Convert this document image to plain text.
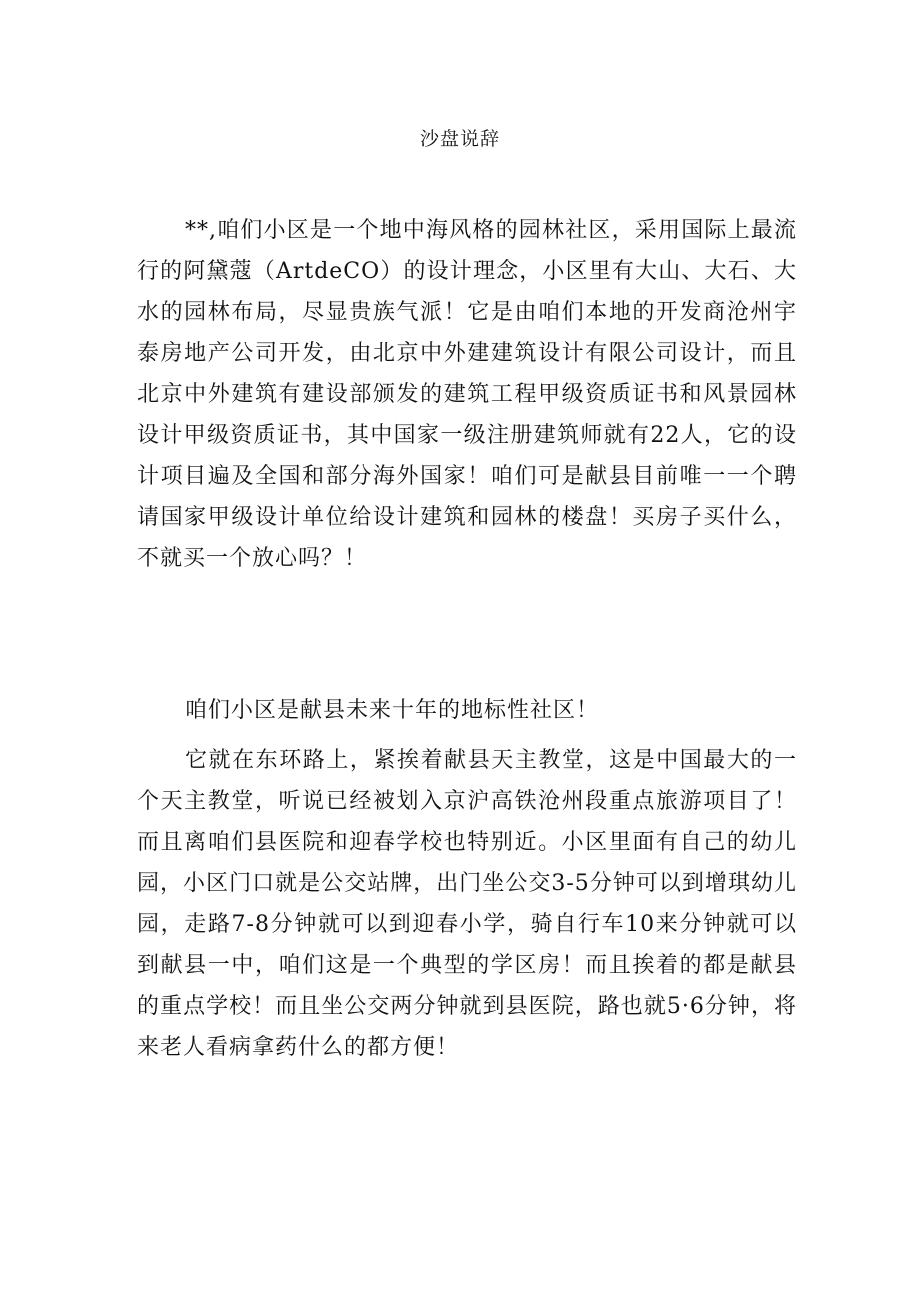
沙盘说辞

**,咱们小区是一个地中海风格的园林社区，采用国际上最流行的阿黛蔻（ArtdeCO）的设计理念，小区里有大山、大石、大水的园林布局，尽显贵族气派！它是由咱们本地的开发商沧州宇泰房地产公司开发，由北京中外建建筑设计有限公司设计，而且北京中外建筑有建设部颁发的建筑工程甲级资质证书和风景园林设计甲级资质证书，其中国家一级注册建筑师就有22人，它的设计项目遍及全国和部分海外国家！咱们可是献县目前唯一一个聘请国家甲级设计单位给设计建筑和园林的楼盘！买房子买什么，不就买一个放心吗？！

咱们小区是献县未来十年的地标性社区！

它就在东环路上，紧挨着献县天主教堂，这是中国最大的一个天主教堂，听说已经被划入京沪高铁沧州段重点旅游项目了！而且离咱们县医院和迎春学校也特别近。小区里面有自己的幼儿园，小区门口就是公交站牌，出门坐公交3-5分钟可以到增琪幼儿园，走路7-8分钟就可以到迎春小学，骑自行车10来分钟就可以到献县一中，咱们这是一个典型的学区房！而且挨着的都是献县的重点学校！而且坐公交两分钟就到县医院，路也就5·6分钟，将来老人看病拿药什么的都方便！
